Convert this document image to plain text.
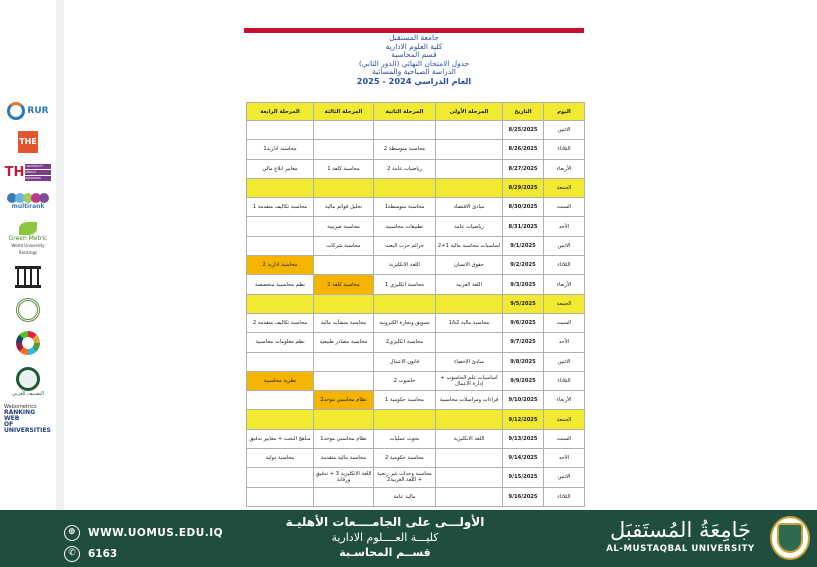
RUR
THE
TH UNIVERSITY
IMPACT
RANKINGS
multirank
Green Metric
World University Rankings
التصنيف العربي
Webometrics
RANKING WEB
OF UNIVERSITIES
جامعة المستقبل
كلية العلوم الادارية
قسم المحاسبة
جدول الامتحان النهائي (الدور الثاني)
الدراسة الصباحية والمسائية
العام الدراسي 2024 - 2025
اليوم	التاريخ	المرحلة الأولى	المرحلة الثانية	المرحلة الثالثة	المرحلة الرابعة
الاثنين	8/25/2025				
الثلاثاء	8/26/2025		محاسبة متوسطة 2		محاسبة ادارية1
الأربعاء	8/27/2025		رياضيات عامة 2	محاسبة كلفة 1	معايير ابلاغ مالي
الجمعة	8/29/2025				
السبت	8/30/2025	مبادئ الاقتصاد	محاسبة متوسطة1	تحليل قوائم مالية	محاسبة تكاليف متقدمة 1
الأحد	8/31/2025	رياضيات عامة	تطبيقات محاسبية	محاسبة ضريبية	
الاثنين	9/1/2025	اساسيات محاسبة مالية 1+2	جرائم حزب البعث	محاسبة شركات	
الثلاثاء	9/2/2025	حقوق الانسان	اللغة الانكليزية		محاسبة ادارية 2
الأربعاء	9/3/2025	اللغة العربية	محاسبة انكليزي 1	محاسبة كلفة 2	نظم محاسبية متخصصة
الجمعة	9/5/2025				
السبت	9/6/2025	محاسبة مالية 2&1	تسويق وتجارة الكترونية	محاسبة منشآت مالية	محاسبة تكاليف متقدمة 2
الأحد	9/7/2025		محاسبة انكليزي2	محاسبة مصادر طبيعية	نظم معلومات محاسبية
الاثنين	9/8/2025	مبادئ الإحصاء	قانون الاعمال		
الثلاثاء	9/9/2025	اساسيات علم الحاسوب + إدارة الاعمال	حاسوب 2		نظرية محاسبية
الأربعاء	9/10/2025	قراءات ومراسلات محاسبية	محاسبة حكومية 1	نظام محاسبي موحد2	
الجمعة	9/12/2025				
السبت	9/13/2025	اللغة الانكليزية	بحوث عمليات	نظام محاسبي موحد1	مناهج البحث + معايير تدقيق
الأحد	9/14/2025		محاسبة حكومية 2	محاسبة مالية متقدمة	محاسبة دولية
الاثنين	9/15/2025		محاسبة وحدات غير ربحية + اللغة العربية2	اللغة الانكليزية 3 + تدقيق ورقابة	
الثلاثاء	9/16/2025		مالية عامة		
⊕	WWW.UOMUS.EDU.IQ
✆	6163
الأولـــى على الجامــــعات الأهليـة
كليـــة العــــلوم الادارية
قســم المحاسـبة
جَامِعَةُ المُستَقبَل
AL-MUSTAQBAL UNIVERSITY
